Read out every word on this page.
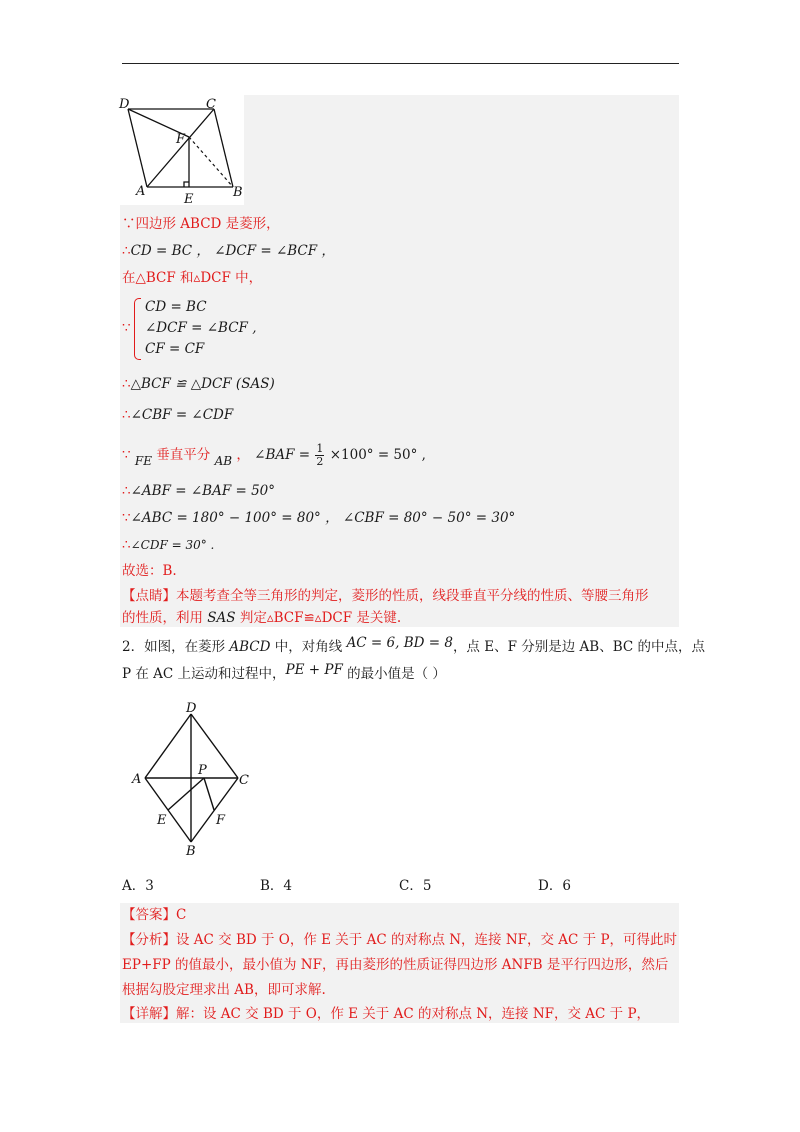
D	C
F
A
E	B
∵四边形 ABCD 是菱形，
∴CD = BC ， ∠DCF = ∠BCF ，
在△BCF 和▵DCF 中，
∵
CD = BC
∠DCF = ∠BCF ,
CF = CF
∴△BCF ≌ △DCF (SAS)
∴∠CBF = ∠CDF
∵ FE 垂直平分 AB ， ∠BAF = $\frac{1}{2} \times 100^\circ = 50^\circ$ ,
∴∠ABF = ∠BAF = 50°
∵∠ABC = 180° − 100° = 80° ， ∠CBF = 80° − 50° = 30°
∴∠CDF = 30° .
故选：B.
【点睛】本题考查全等三角形的判定，菱形的性质，线段垂直平分线的性质、等腰三角形
的性质，利用 SAS 判定▵BCF≌▵DCF 是关键.
2．如图，在菱形 ABCD 中，对角线 AC = 6, BD = 8，点 E、F 分别是边 AB、BC 的中点，点
P 在 AC 上运动和过程中，PE + PF 的最小值是（ ）
D
A
P
C
E	F
B
A．3	B．4	C．5	D．6
【答案】C
【分析】设 AC 交 BD 于 O，作 E 关于 AC 的对称点 N，连接 NF，交 AC 于 P，可得此时
EP+FP 的值最小，最小值为 NF，再由菱形的性质证得四边形 ANFB 是平行四边形，然后
根据勾股定理求出 AB，即可求解.
【详解】解：设 AC 交 BD 于 O，作 E 关于 AC 的对称点 N，连接 NF，交 AC 于 P，
